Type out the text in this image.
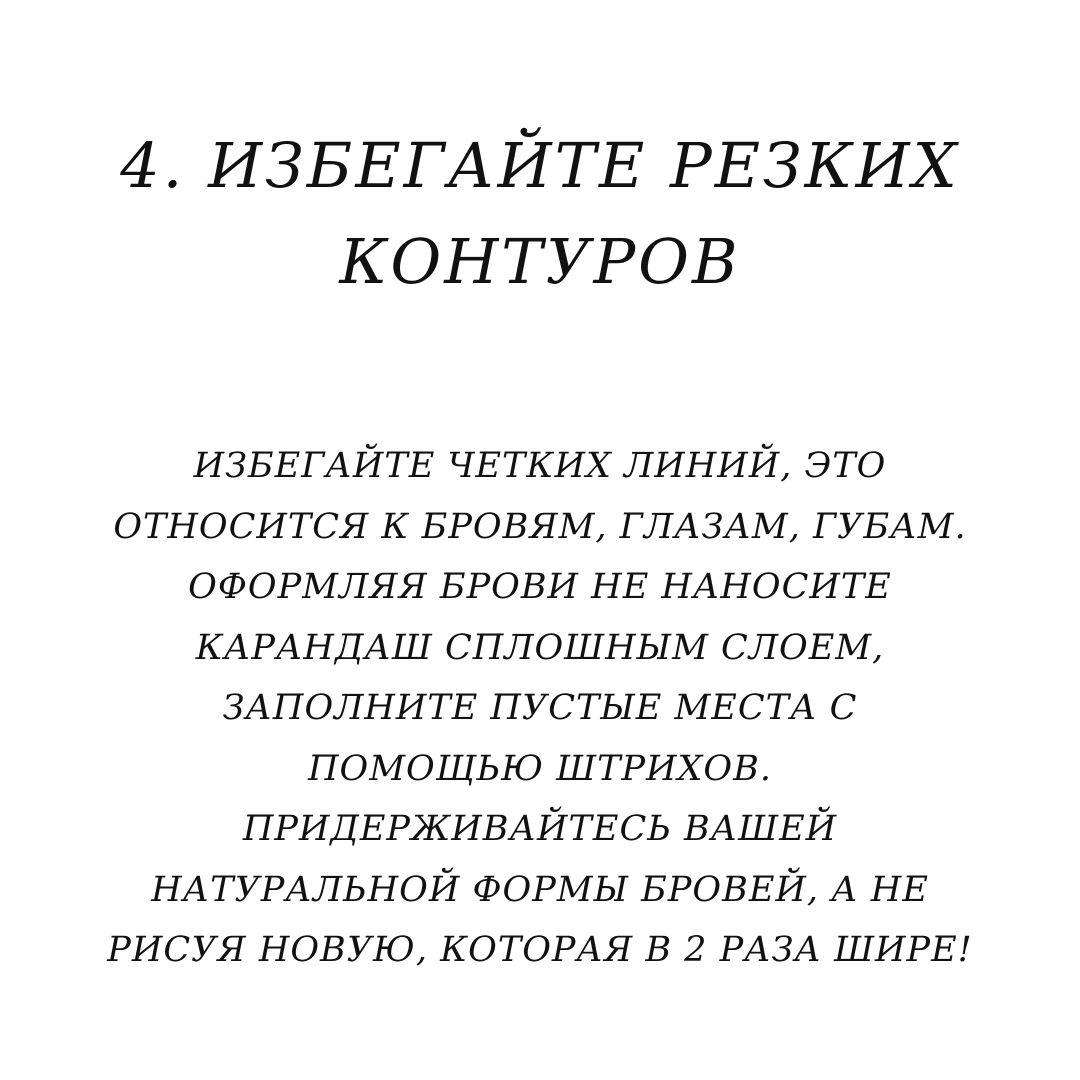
4. ИЗБЕГАЙТЕ РЕЗКИХ
КОНТУРОВ
ИЗБЕГАЙТЕ ЧЕТКИХ ЛИНИЙ, ЭТО
ОТНОСИТСЯ К БРОВЯМ, ГЛАЗАМ, ГУБАМ.
ОФОРМЛЯЯ БРОВИ НЕ НАНОСИТЕ
КАРАНДАШ СПЛОШНЫМ СЛОЕМ,
ЗАПОЛНИТЕ ПУСТЫЕ МЕСТА С
ПОМОЩЬЮ ШТРИХОВ.
ПРИДЕРЖИВАЙТЕСЬ ВАШЕЙ
НАТУРАЛЬНОЙ ФОРМЫ БРОВЕЙ, А НЕ
РИСУЯ НОВУЮ, КОТОРАЯ В 2 РАЗА ШИРЕ!
